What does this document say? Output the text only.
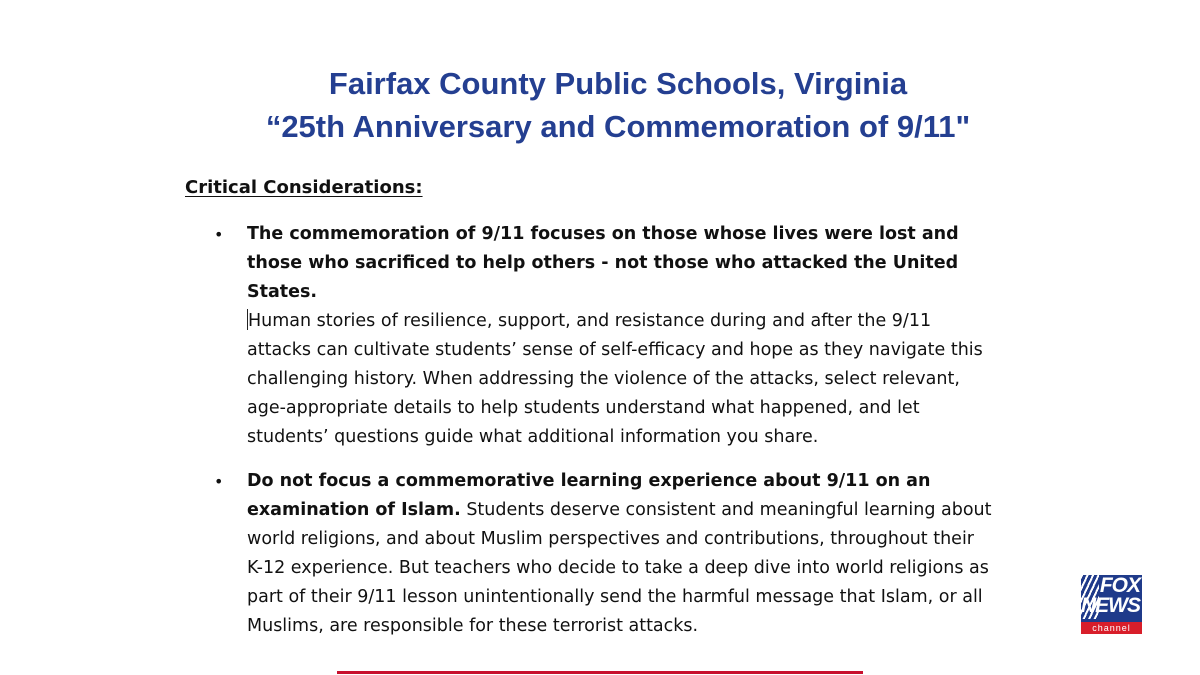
Fairfax County Public Schools, Virginia
“25th Anniversary and Commemoration of 9/11"
Critical Considerations:
• The commemoration of 9/11 focuses on those whose lives were lost and those who sacrificed to help others - not those who attacked the United States.
Human stories of resilience, support, and resistance during and after the 9/11 attacks can cultivate students’ sense of self-efficacy and hope as they navigate this challenging history. When addressing the violence of the attacks, select relevant, age-appropriate details to help students understand what happened, and let students’ questions guide what additional information you share.
• Do not focus a commemorative learning experience about 9/11 on an examination of Islam. Students deserve consistent and meaningful learning about world religions, and about Muslim perspectives and contributions, throughout their K-12 experience. But teachers who decide to take a deep dive into world religions as part of their 9/11 lesson unintentionally send the harmful message that Islam, or all Muslims, are responsible for these terrorist attacks.
FOX
NEWS
channel
